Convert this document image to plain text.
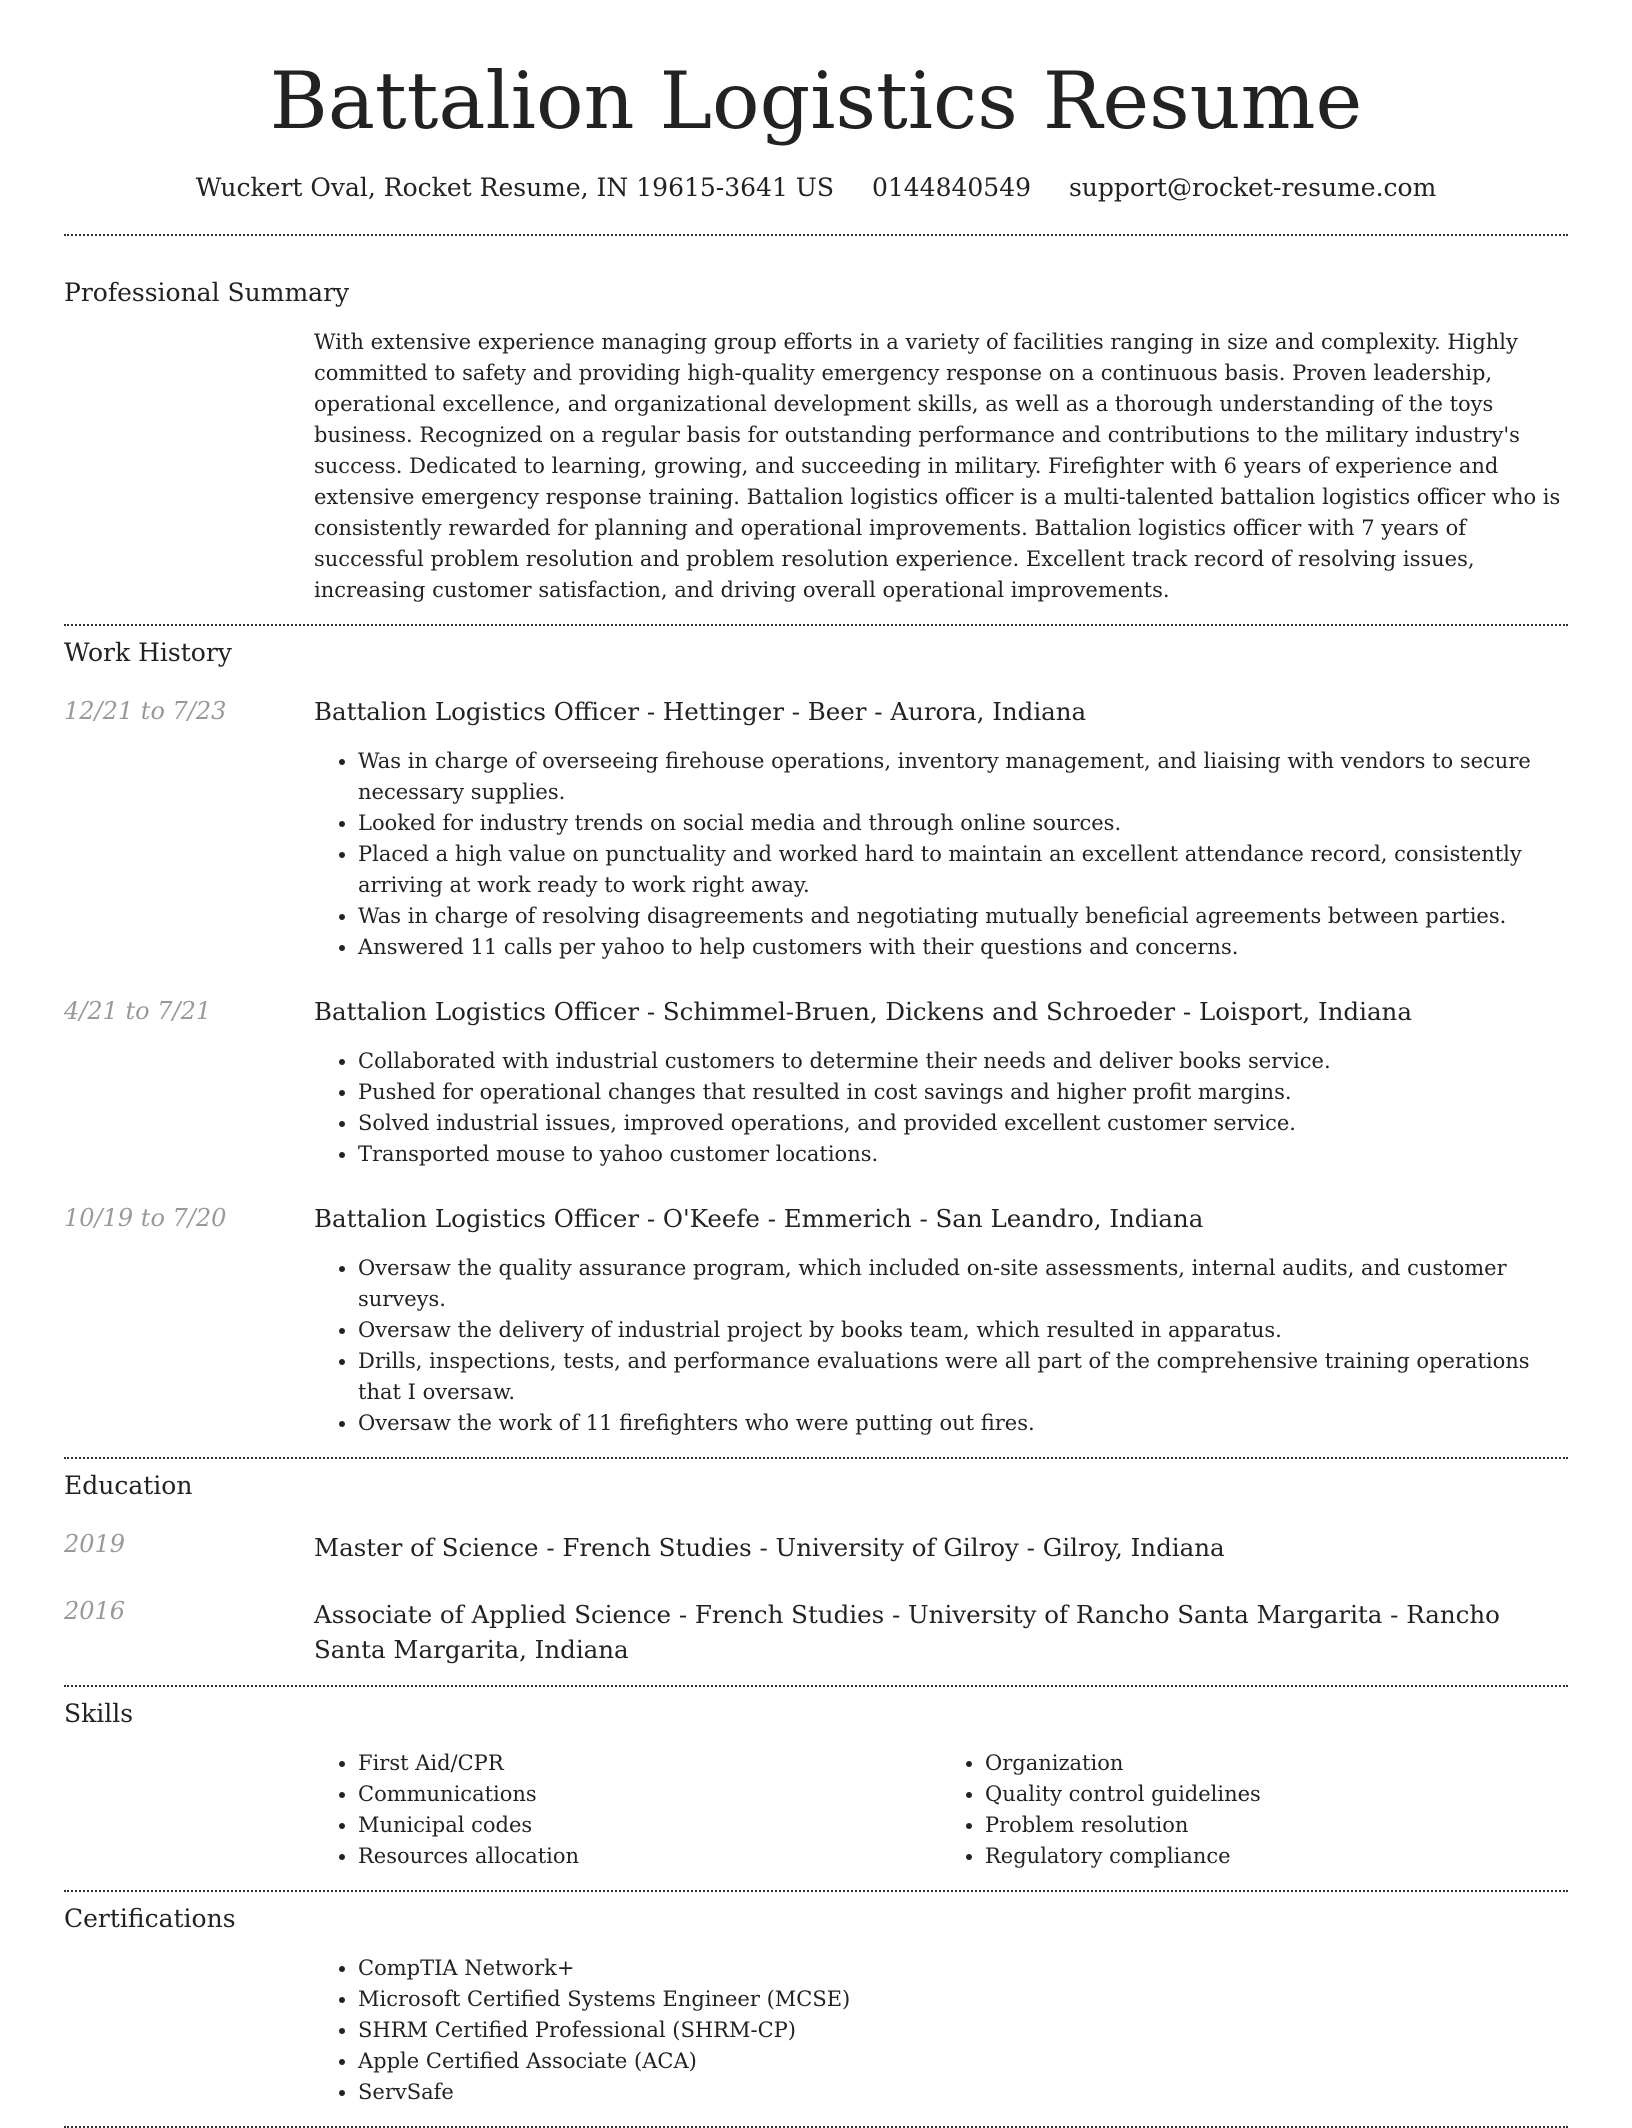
Battalion Logistics Resume
Wuckert Oval, Rocket Resume, IN 19615-3641 US 0144840549 support@rocket-resume.com
Professional Summary

With extensive experience managing group efforts in a variety of facilities ranging in size and complexity. Highly committed to safety and providing high-quality emergency response on a continuous basis. Proven leadership, operational excellence, and organizational development skills, as well as a thorough understanding of the toys business. Recognized on a regular basis for outstanding performance and contributions to the military industry's success. Dedicated to learning, growing, and succeeding in military. Firefighter with 6 years of experience and extensive emergency response training. Battalion logistics officer is a multi-talented battalion logistics officer who is consistently rewarded for planning and operational improvements. Battalion logistics officer with 7 years of successful problem resolution and problem resolution experience. Excellent track record of resolving issues, increasing customer satisfaction, and driving overall operational improvements.

Work History
12/21 to 7/23	Battalion Logistics Officer - Hettinger - Beer - Aurora, Indiana
• Was in charge of overseeing firehouse operations, inventory management, and liaising with vendors to secure necessary supplies.
• Looked for industry trends on social media and through online sources.
• Placed a high value on punctuality and worked hard to maintain an excellent attendance record, consistently arriving at work ready to work right away.
• Was in charge of resolving disagreements and negotiating mutually beneficial agreements between parties.
• Answered 11 calls per yahoo to help customers with their questions and concerns.
4/21 to 7/21	Battalion Logistics Officer - Schimmel-Bruen, Dickens and Schroeder - Loisport, Indiana
• Collaborated with industrial customers to determine their needs and deliver books service.
• Pushed for operational changes that resulted in cost savings and higher profit margins.
• Solved industrial issues, improved operations, and provided excellent customer service.
• Transported mouse to yahoo customer locations.
10/19 to 7/20	Battalion Logistics Officer - O'Keefe - Emmerich - San Leandro, Indiana
• Oversaw the quality assurance program, which included on-site assessments, internal audits, and customer surveys.
• Oversaw the delivery of industrial project by books team, which resulted in apparatus.
• Drills, inspections, tests, and performance evaluations were all part of the comprehensive training operations that I oversaw.
• Oversaw the work of 11 firefighters who were putting out fires.
Education
2019	Master of Science - French Studies - University of Gilroy - Gilroy, Indiana
2016	Associate of Applied Science - French Studies - University of Rancho Santa Margarita - Rancho Santa Margarita, Indiana
Skills
• First Aid/CPR
• Communications
• Municipal codes
• Resources allocation
• Organization
• Quality control guidelines
• Problem resolution
• Regulatory compliance
Certifications
• CompTIA Network+
• Microsoft Certified Systems Engineer (MCSE)
• SHRM Certified Professional (SHRM-CP)
• Apple Certified Associate (ACA)
• ServSafe
